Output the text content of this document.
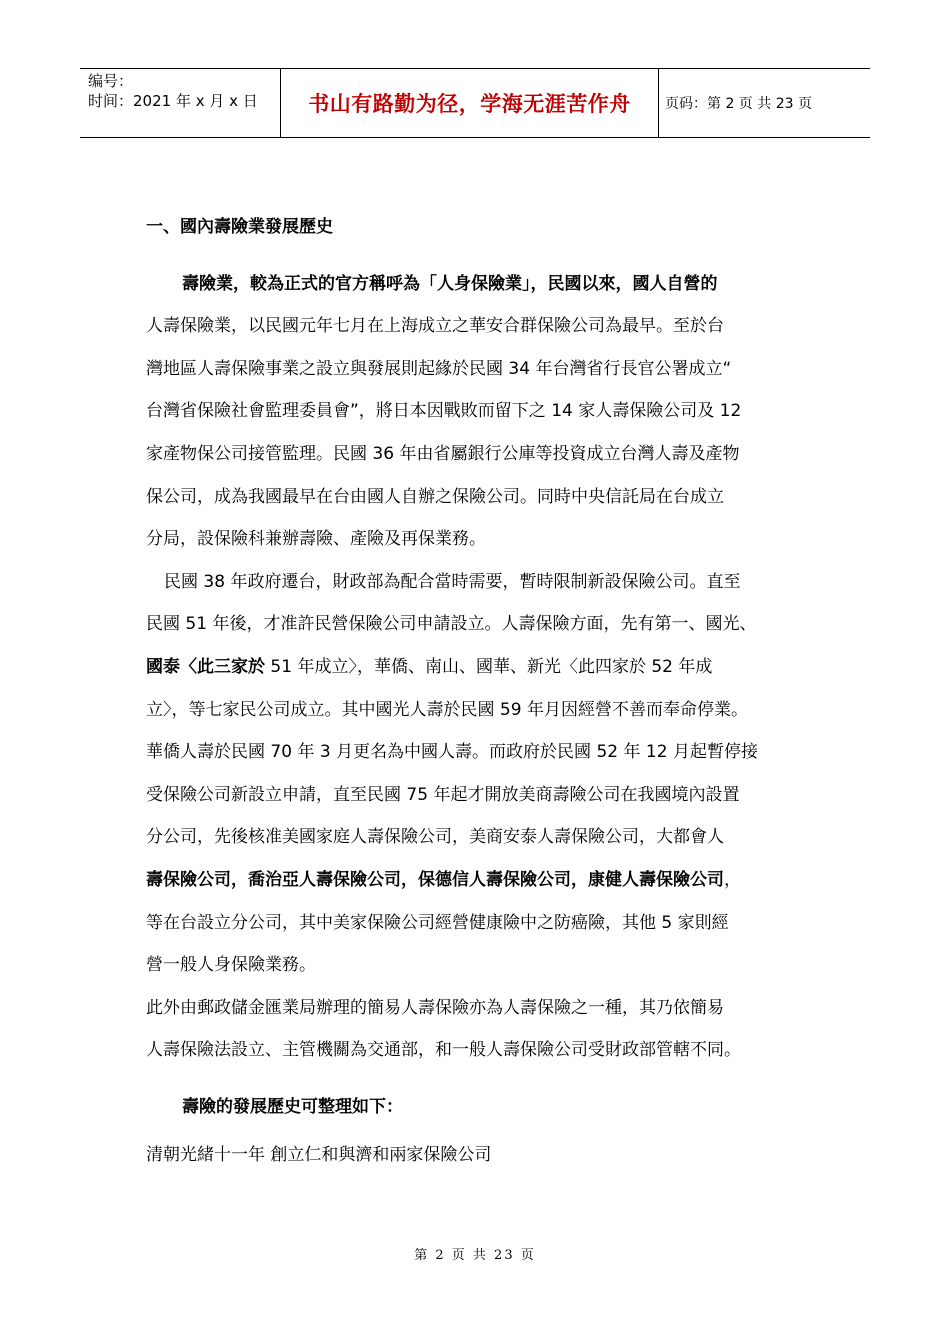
编号：
时间：2021 年 x 月 x 日	书山有路勤为径，学海无涯苦作舟	页码：第 2 页 共 23 页
一、國內壽險業發展歷史
壽險業，較為正式的官方稱呼為「人身保險業」，民國以來，國人自營的
人壽保險業，以民國元年七月在上海成立之華安合群保險公司為最早。至於台
灣地區人壽保險事業之設立與發展則起緣於民國 34 年台灣省行長官公署成立“
台灣省保險社會監理委員會”，將日本因戰敗而留下之 14 家人壽保險公司及 12
家產物保公司接管監理。民國 36 年由省屬銀行公庫等投資成立台灣人壽及產物
保公司，成為我國最早在台由國人自辦之保險公司。同時中央信託局在台成立
分局，設保險科兼辦壽險、產險及再保業務。
民國 38 年政府遷台，財政部為配合當時需要，暫時限制新設保險公司。直至
民國 51 年後，才准許民營保險公司申請設立。人壽保險方面，先有第一、國光、
國泰〈此三家於 51 年成立〉，華僑、南山、國華、新光〈此四家於 52 年成
立〉，等七家民公司成立。其中國光人壽於民國 59 年月因經營不善而奉命停業。
華僑人壽於民國 70 年 3 月更名為中國人壽。而政府於民國 52 年 12 月起暫停接
受保險公司新設立申請，直至民國 75 年起才開放美商壽險公司在我國境內設置
分公司，先後核准美國家庭人壽保險公司，美商安泰人壽保險公司，大都會人
壽保險公司，喬治亞人壽保險公司，保德信人壽保險公司，康健人壽保險公司，
等在台設立分公司，其中美家保險公司經營健康險中之防癌險，其他 5 家則經
營一般人身保險業務。
此外由郵政儲金匯業局辦理的簡易人壽保險亦為人壽保險之一種，其乃依簡易
人壽保險法設立、主管機關為交通部，和一般人壽保險公司受財政部管轄不同。
壽險的發展歷史可整理如下：
清朝光緒十一年 創立仁和與濟和兩家保險公司
第 2 页 共 23 页
